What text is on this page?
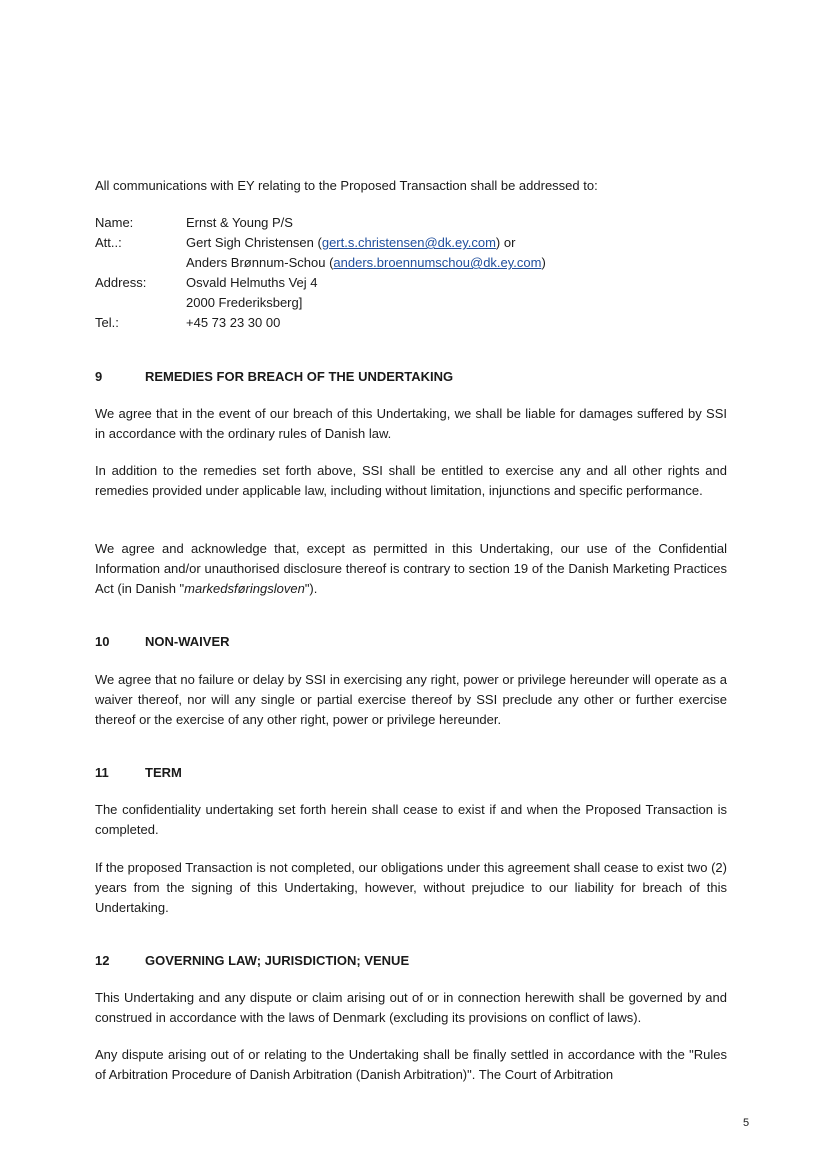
All communications with EY relating to the Proposed Transaction shall be addressed to:

Name:	Ernst & Young P/S
Att..:	Gert Sigh Christensen (gert.s.christensen@dk.ey.com) or
Anders Brønnum-Schou (anders.broennumschou@dk.ey.com)
Address:	Osvald Helmuths Vej 4
2000 Frederiksberg]
Tel.:	+45 73 23 30 00
9	REMEDIES FOR BREACH OF THE UNDERTAKING

We agree that in the event of our breach of this Undertaking, we shall be liable for damages suffered by SSI in accordance with the ordinary rules of Danish law.

In addition to the remedies set forth above, SSI shall be entitled to exercise any and all other rights and remedies provided under applicable law, including without limitation, injunctions and specific performance.

We agree and acknowledge that, except as permitted in this Undertaking, our use of the Confidential Information and/or unauthorised disclosure thereof is contrary to section 19 of the Danish Marketing Practices Act (in Danish "markedsføringsloven").

10	NON-WAIVER

We agree that no failure or delay by SSI in exercising any right, power or privilege hereunder will operate as a waiver thereof, nor will any single or partial exercise thereof by SSI preclude any other or further exercise thereof or the exercise of any other right, power or privilege hereunder.

11	TERM

The confidentiality undertaking set forth herein shall cease to exist if and when the Proposed Transaction is completed.

If the proposed Transaction is not completed, our obligations under this agreement shall cease to exist two (2) years from the signing of this Undertaking, however, without prejudice to our liability for breach of this Undertaking.

12	GOVERNING LAW; JURISDICTION; VENUE

This Undertaking and any dispute or claim arising out of or in connection herewith shall be governed by and construed in accordance with the laws of Denmark (excluding its provisions on conflict of laws).

Any dispute arising out of or relating to the Undertaking shall be finally settled in accordance with the "Rules of Arbitration Procedure of Danish Arbitration (Danish Arbitration)". The Court of Arbitration

5
